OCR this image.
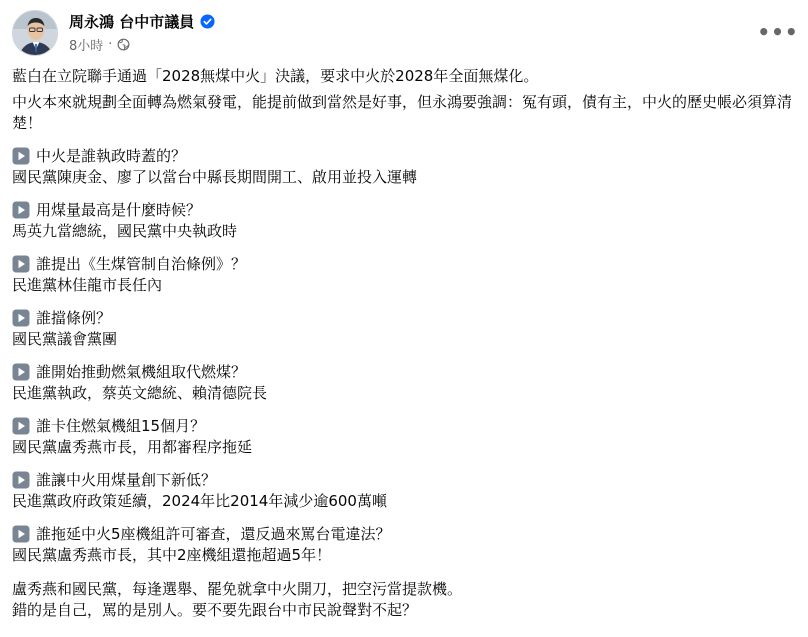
周永鴻 台中市議員
8小時 ·	•••
藍白在立院聯手通過「2028無煤中火」決議，要求中火於2028年全面無煤化。
中火本來就規劃全面轉為燃氣發電，能提前做到當然是好事，但永鴻要強調：冤有頭，債有主，中火的歷史帳必須算清楚！
中火是誰執政時蓋的？
國民黨陳庚金、廖了以當台中縣長期間開工、啟用並投入運轉
用煤量最高是什麼時候？
馬英九當總統，國民黨中央執政時
誰提出《生煤管制自治條例》？
民進黨林佳龍市長任內
誰擋條例？
國民黨議會黨團
誰開始推動燃氣機組取代燃煤？
民進黨執政，蔡英文總統、賴清德院長
誰卡住燃氣機組15個月？
國民黨盧秀燕市長，用都審程序拖延
誰讓中火用煤量創下新低？
民進黨政府政策延續，2024年比2014年減少逾600萬噸
誰拖延中火5座機組許可審查，還反過來罵台電違法？
國民黨盧秀燕市長，其中2座機組還拖超過5年！
盧秀燕和國民黨，每逢選舉、罷免就拿中火開刀，把空污當提款機。
錯的是自己，罵的是別人。要不要先跟台中市民說聲對不起？
